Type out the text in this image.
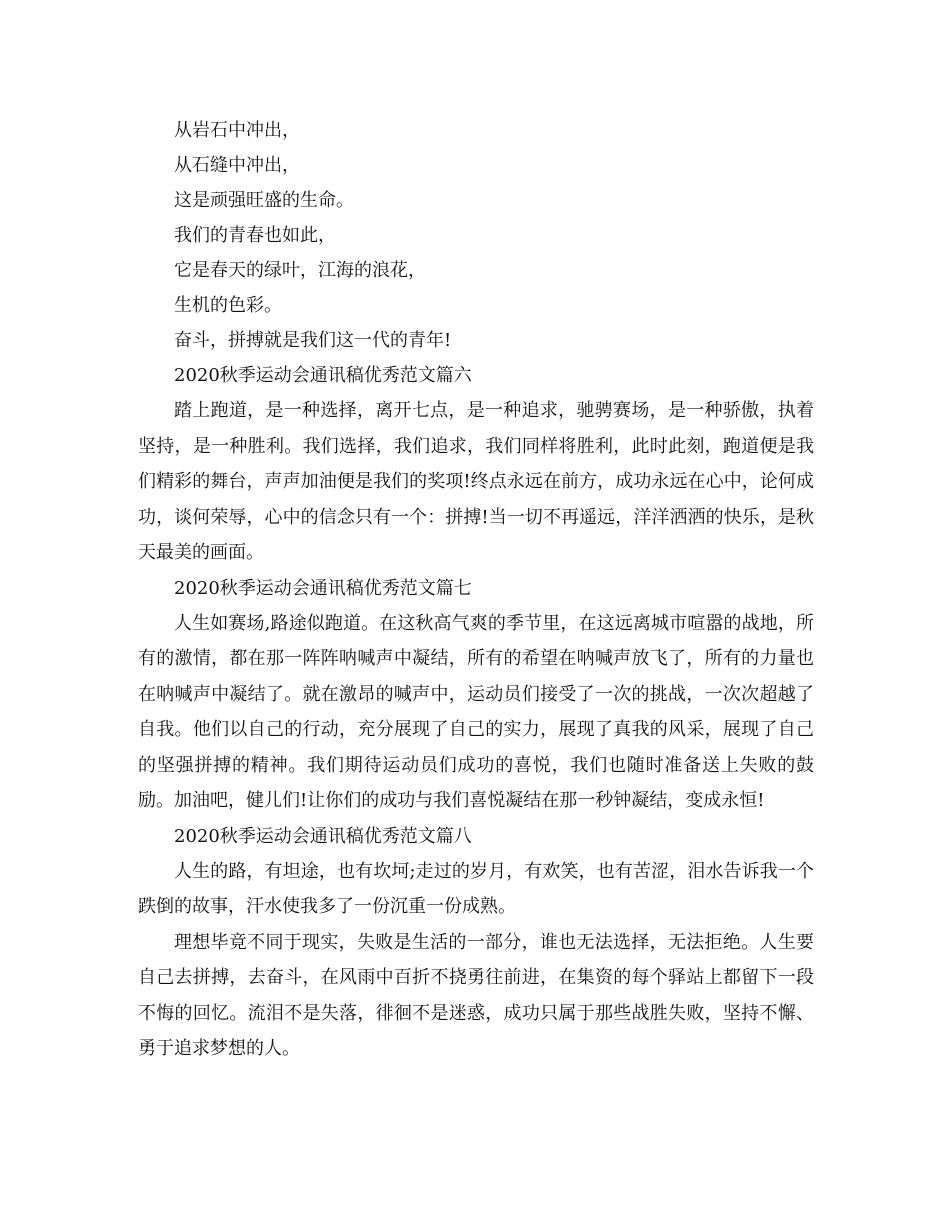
从岩石中冲出，

从石缝中冲出，

这是顽强旺盛的生命。

我们的青春也如此，

它是春天的绿叶，江海的浪花，

生机的色彩。

奋斗，拼搏就是我们这一代的青年!

2020秋季运动会通讯稿优秀范文篇六

踏上跑道，是一种选择，离开七点，是一种追求，驰骋赛场，是一种骄傲，执着坚持，是一种胜利。我们选择，我们追求，我们同样将胜利，此时此刻，跑道便是我们精彩的舞台，声声加油便是我们的奖项!终点永远在前方，成功永远在心中，论何成功，谈何荣辱，心中的信念只有一个：拼搏!当一切不再遥远，洋洋洒洒的快乐，是秋天最美的画面。

2020秋季运动会通讯稿优秀范文篇七

人生如赛场,路途似跑道。在这秋高气爽的季节里，在这远离城市喧嚣的战地，所有的激情，都在那一阵阵呐喊声中凝结，所有的希望在呐喊声放飞了，所有的力量也在呐喊声中凝结了。就在激昂的喊声中，运动员们接受了一次的挑战，一次次超越了自我。他们以自己的行动，充分展现了自己的实力，展现了真我的风采，展现了自己的坚强拼搏的精神。我们期待运动员们成功的喜悦，我们也随时准备送上失败的鼓励。加油吧，健儿们!让你们的成功与我们喜悦凝结在那一秒钟凝结，变成永恒!

2020秋季运动会通讯稿优秀范文篇八

人生的路，有坦途，也有坎坷;走过的岁月，有欢笑，也有苦涩，泪水告诉我一个跌倒的故事，汗水使我多了一份沉重一份成熟。

理想毕竟不同于现实，失败是生活的一部分，谁也无法选择，无法拒绝。人生要自己去拼搏，去奋斗，在风雨中百折不挠勇往前进，在集资的每个驿站上都留下一段不悔的回忆。流泪不是失落，徘徊不是迷惑，成功只属于那些战胜失败，坚持不懈、勇于追求梦想的人。
